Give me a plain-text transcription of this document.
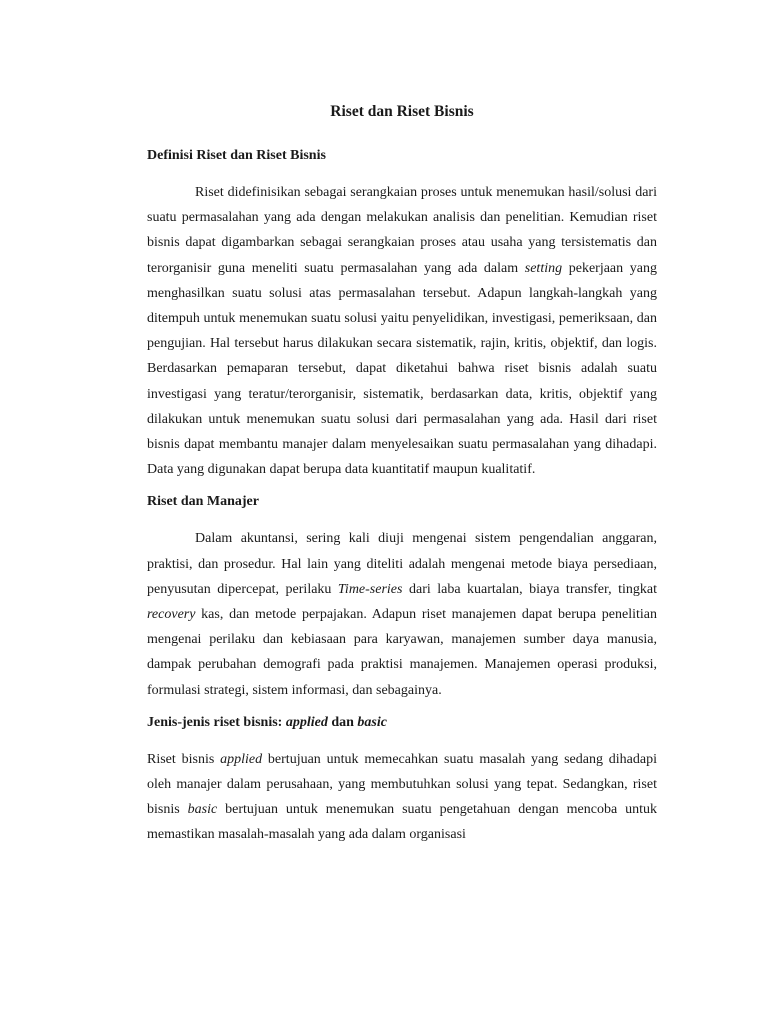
Riset dan Riset Bisnis
Definisi Riset dan Riset Bisnis

Riset didefinisikan sebagai serangkaian proses untuk menemukan hasil/solusi dari suatu permasalahan yang ada dengan melakukan analisis dan penelitian. Kemudian riset bisnis dapat digambarkan sebagai serangkaian proses atau usaha yang tersistematis dan terorganisir guna meneliti suatu permasalahan yang ada dalam setting pekerjaan yang menghasilkan suatu solusi atas permasalahan tersebut. Adapun langkah-langkah yang ditempuh untuk menemukan suatu solusi yaitu penyelidikan, investigasi, pemeriksaan, dan pengujian. Hal tersebut harus dilakukan secara sistematik, rajin, kritis, objektif, dan logis. Berdasarkan pemaparan tersebut, dapat diketahui bahwa riset bisnis adalah suatu investigasi yang teratur/terorganisir, sistematik, berdasarkan data, kritis, objektif yang dilakukan untuk menemukan suatu solusi dari permasalahan yang ada. Hasil dari riset bisnis dapat membantu manajer dalam menyelesaikan suatu permasalahan yang dihadapi. Data yang digunakan dapat berupa data kuantitatif maupun kualitatif.

Riset dan Manajer

Dalam akuntansi, sering kali diuji mengenai sistem pengendalian anggaran, praktisi, dan prosedur. Hal lain yang diteliti adalah mengenai metode biaya persediaan, penyusutan dipercepat, perilaku Time-series dari laba kuartalan, biaya transfer, tingkat recovery kas, dan metode perpajakan. Adapun riset manajemen dapat berupa penelitian mengenai perilaku dan kebiasaan para karyawan, manajemen sumber daya manusia, dampak perubahan demografi pada praktisi manajemen. Manajemen operasi produksi, formulasi strategi, sistem informasi, dan sebagainya.

Jenis-jenis riset bisnis: applied dan basic

Riset bisnis applied bertujuan untuk memecahkan suatu masalah yang sedang dihadapi oleh manajer dalam perusahaan, yang membutuhkan solusi yang tepat. Sedangkan, riset bisnis basic bertujuan untuk menemukan suatu pengetahuan dengan mencoba untuk memastikan masalah-masalah yang ada dalam organisasi
